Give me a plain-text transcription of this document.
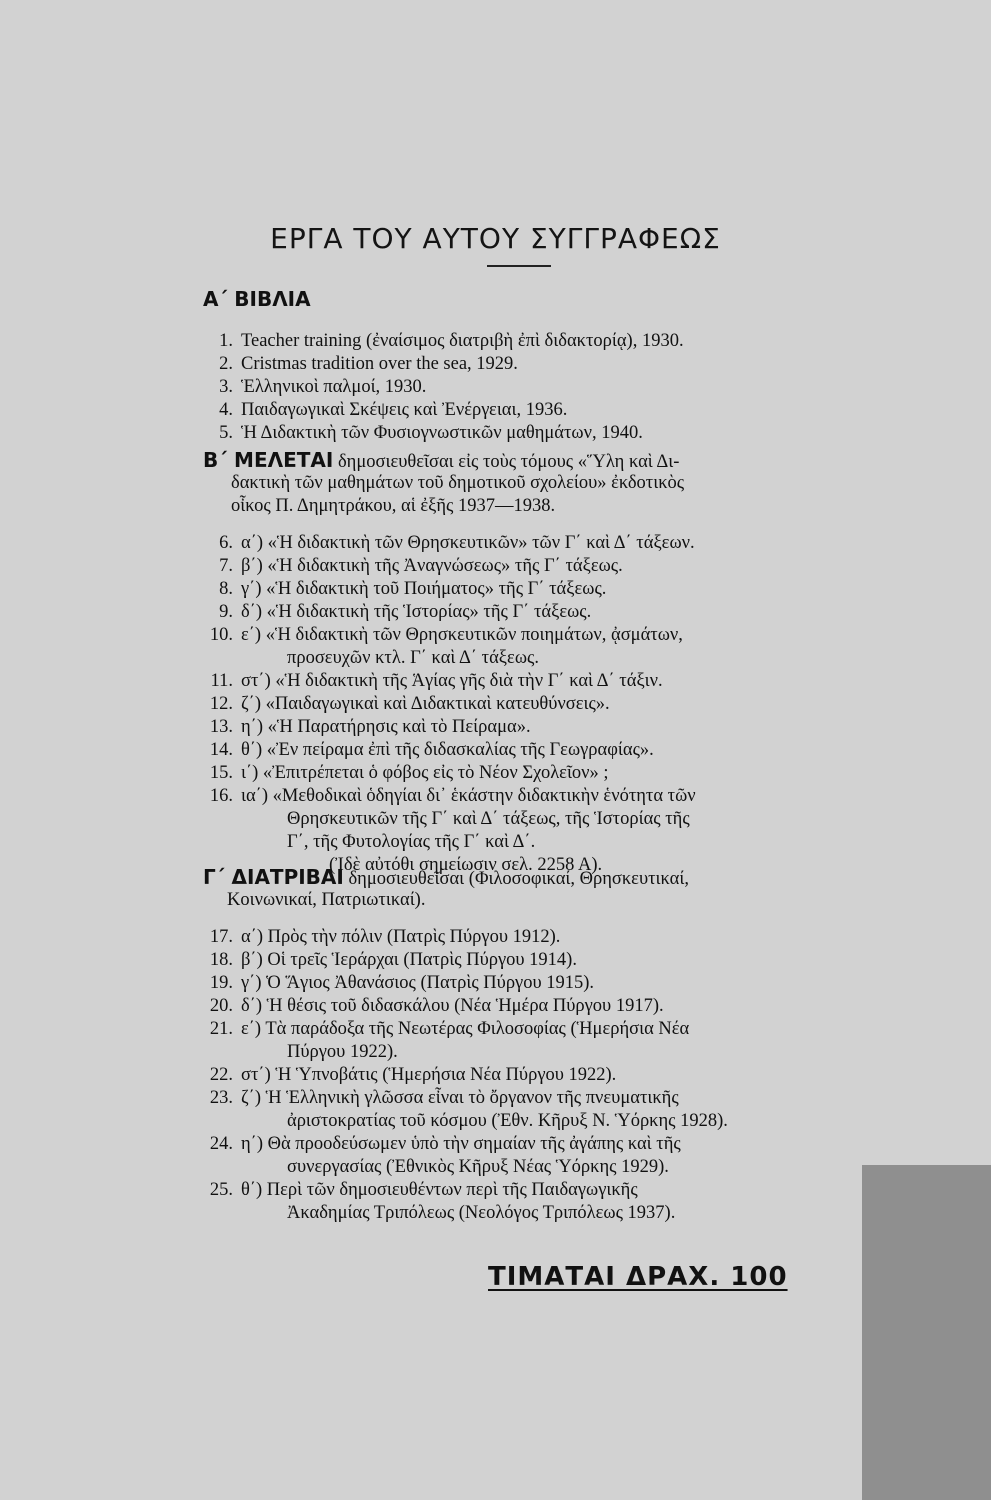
ΕΡΓΑ ΤΟΥ ΑΥΤΟΥ ΣΥΓΓΡΑΦΕΩΣ
Α΄ ΒΙΒΛΙΑ
1. Teacher training (ἐναίσιμος διατριβὴ ἐπὶ διδακτορίᾳ), 1930.
2. Cristmas tradition over the sea, 1929.
3. Ἑλληνικοὶ παλμοί, 1930.
4. Παιδαγωγικαὶ Σκέψεις καὶ Ἐνέργειαι, 1936.
5. Ἡ Διδακτικὴ τῶν Φυσιογνωστικῶν μαθημάτων, 1940.
Β΄ ΜΕΛΕΤΑΙ δημοσιευθεῖσαι εἰς τοὺς τόμους «Ὕλη καὶ Δι-
δακτικὴ τῶν μαθημάτων τοῦ δημοτικοῦ σχολείου» ἐκδοτικὸς
οἶκος Π. Δημητράκου, αἱ ἐξῆς 1937—1938.
6. α΄) «Ἡ διδακτικὴ τῶν Θρησκευτικῶν» τῶν Γ΄ καὶ Δ΄ τάξεων.
7. β΄) «Ἡ διδακτικὴ τῆς Ἀναγνώσεως» τῆς Γ΄ τάξεως.
8. γ΄) «Ἡ διδακτικὴ τοῦ Ποιήματος» τῆς Γ΄ τάξεως.
9. δ΄) «Ἡ διδακτικὴ τῆς Ἱστορίας» τῆς Γ΄ τάξεως.
10. ε΄) «Ἡ διδακτικὴ τῶν Θρησκευτικῶν ποιημάτων, ᾀσμάτων,
προσευχῶν κτλ. Γ΄ καὶ Δ΄ τάξεως.
11. στ΄) «Ἡ διδακτικὴ τῆς Ἁγίας γῆς διὰ τὴν Γ΄ καὶ Δ΄ τάξιν.
12. ζ΄) «Παιδαγωγικαὶ καὶ Διδακτικαὶ κατευθύνσεις».
13. η΄) «Ἡ Παρατήρησις καὶ τὸ Πείραμα».
14. θ΄) «Ἐν πείραμα ἐπὶ τῆς διδασκαλίας τῆς Γεωγραφίας».
15. ι΄) «Ἐπιτρέπεται ὁ φόβος εἰς τὸ Νέον Σχολεῖον» ;
16. ια΄) «Μεθοδικαὶ ὁδηγίαι δι᾽ ἑκάστην διδακτικὴν ἑνότητα τῶν
Θρησκευτικῶν τῆς Γ΄ καὶ Δ΄ τάξεως, τῆς Ἱστορίας τῆς
Γ΄, τῆς Φυτολογίας τῆς Γ΄ καὶ Δ΄.
(Ἰδὲ αὐτόθι σημείωσιν σελ. 2258 Α).
Γ΄ ΔΙΑΤΡΙΒΑΙ δημοσιευθεῖσαι (Φιλοσοφικαί, Θρησκευτικαί,
Κοινωνικαί, Πατριωτικαί).
17. α΄) Πρὸς τὴν πόλιν (Πατρὶς Πύργου 1912).
18. β΄) Οἱ τρεῖς Ἱεράρχαι (Πατρὶς Πύργου 1914).
19. γ΄) Ὁ Ἅγιος Ἀθανάσιος (Πατρὶς Πύργου 1915).
20. δ΄) Ἡ θέσις τοῦ διδασκάλου (Νέα Ἡμέρα Πύργου 1917).
21. ε΄) Τὰ παράδοξα τῆς Νεωτέρας Φιλοσοφίας (Ἡμερήσια Νέα
Πύργου 1922).
22. στ΄) Ἡ Ὑπνοβάτις (Ἡμερήσια Νέα Πύργου 1922).
23. ζ΄) Ἡ Ἑλληνικὴ γλῶσσα εἶναι τὸ ὄργανον τῆς πνευματικῆς
ἀριστοκρατίας τοῦ κόσμου (Ἐθν. Κῆρυξ Ν. Ὑόρκης 1928).
24. η΄) Θὰ προοδεύσωμεν ὑπὸ τὴν σημαίαν τῆς ἀγάπης καὶ τῆς
συνεργασίας (Ἐθνικὸς Κῆρυξ Νέας Ὑόρκης 1929).
25. θ΄) Περὶ τῶν δημοσιευθέντων περὶ τῆς Παιδαγωγικῆς
Ἀκαδημίας Τριπόλεως (Νεολόγος Τριπόλεως 1937).
ΤΙΜΑΤΑΙ ΔΡΑΧ. 100
